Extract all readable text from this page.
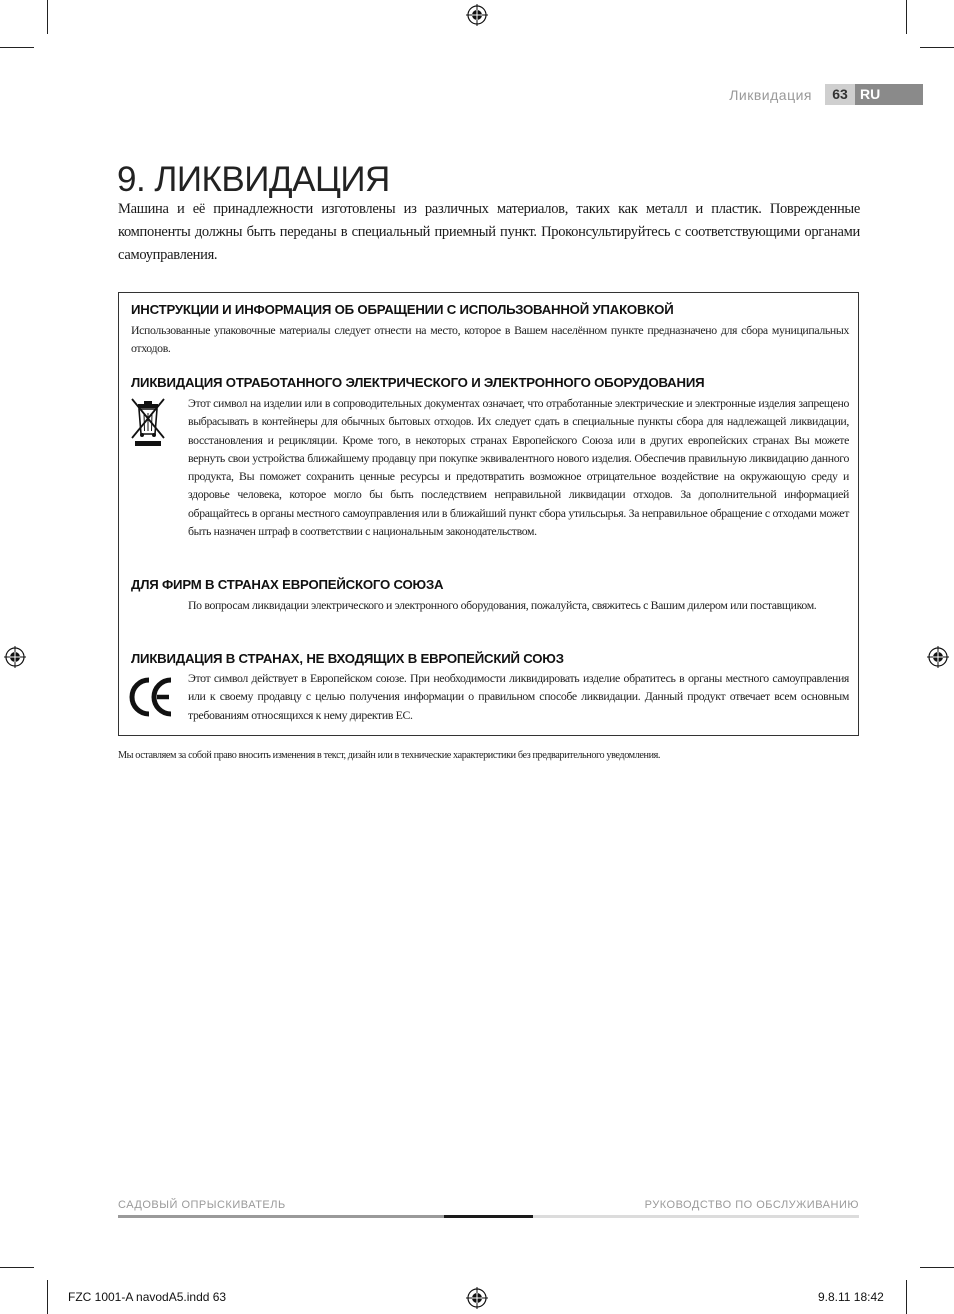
Ликвидация	63 RU
9. ЛИКВИДАЦИЯ
Машина и её принадлежности изготовлены из различных материалов, таких как металл и пластик. Поврежденные компоненты должны быть переданы в специальный приемный пункт. Проконсультируйтесь с соответствующими органами самоуправления.
ИНСТРУКЦИИ И ИНФОРМАЦИЯ ОБ ОБРАЩЕНИИ С ИСПОЛЬЗОВАННОЙ УПАКОВКОЙ
Использованные упаковочные материалы следует отнести на место, которое в Вашем населённом пункте предназначено для сбора муниципальных отходов.
ЛИКВИДАЦИЯ ОТРАБОТАННОГО ЭЛЕКТРИЧЕСКОГО И ЭЛЕКТРОННОГО ОБОРУДОВАНИЯ
Этот символ на изделии или в сопроводительных документах означает, что отработанные электрические и электронные изделия запрещено выбрасывать в контейнеры для обычных бытовых отходов. Их следует сдать в специальные пункты сбора для надлежащей ликвидации, восстановления и рецикляции. Кроме того, в некоторых странах Европейского Союза или в других европейских странах Вы можете вернуть свои устройства ближайшему продавцу при покупке эквивалентного нового изделия. Обеспечив правильную ликвидацию данного продукта, Вы поможет сохранить ценные ресурсы и предотвратить возможное отрицательное воздействие на окружающую среду и здоровье человека, которое могло бы быть последствием неправильной ликвидации отходов. За дополнительной информацией обращайтесь в органы местного самоуправления или в ближайший пункт сбора утильсырья. За неправильное обращение с отходами может быть назначен штраф в соответствии с национальным законодательством.
ДЛЯ ФИРМ В СТРАНАХ ЕВРОПЕЙСКОГО СОЮЗА
По вопросам ликвидации электрического и электронного оборудования, пожалуйста, свяжитесь с Вашим дилером или поставщиком.
ЛИКВИДАЦИЯ В СТРАНАХ, НЕ ВХОДЯЩИХ В ЕВРОПЕЙСКИЙ СОЮЗ
Этот символ действует в Европейском союзе. При необходимости ликвидировать изделие обратитесь в органы местного самоуправления или к своему продавцу с целью получения информации о правильном способе ликвидации. Данный продукт отвечает всем основным требованиям относящихся к нему директив ЕС.
Мы оставляем за собой право вносить изменения в текст, дизайн или в технические характеристики без предварительного уведомления.
САДОВЫЙ ОПРЫСКИВАТЕЛЬ	РУКОВОДСТВО ПО ОБСЛУЖИВАНИЮ
FZC 1001-A navodA5.indd 63	9.8.11 18:42
